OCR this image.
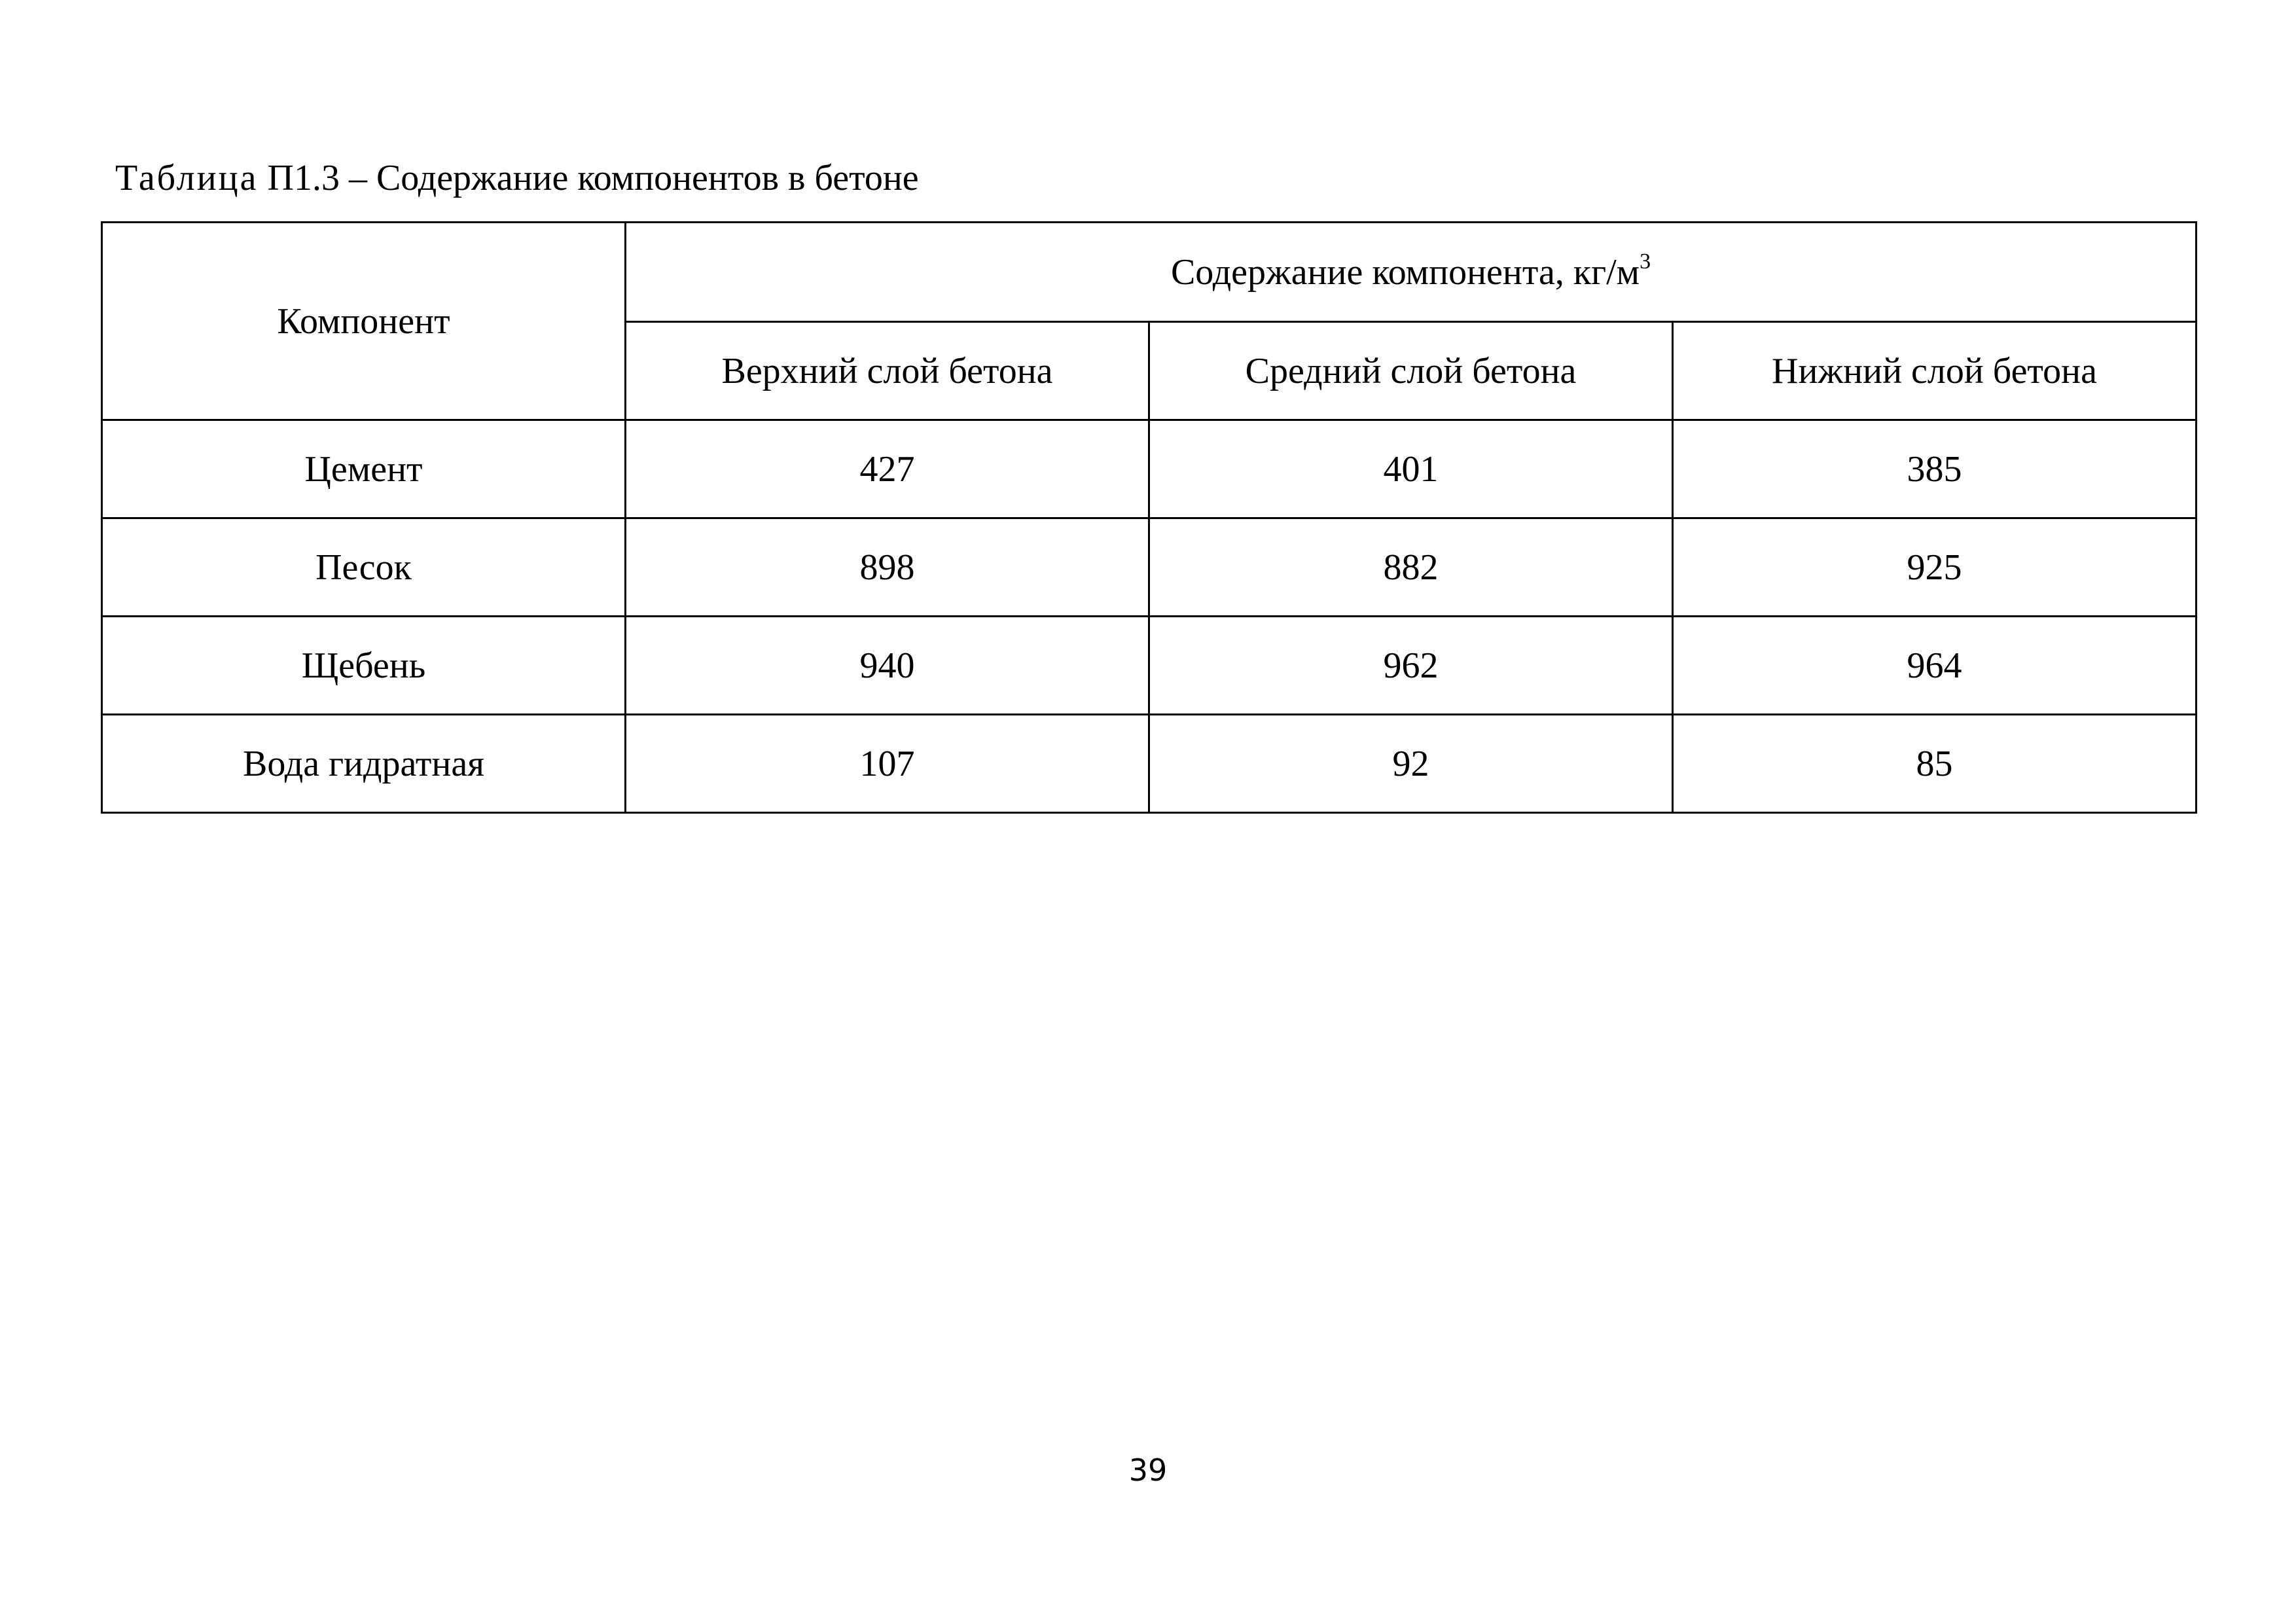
Таблица П1.3 – Содержание компонентов в бетоне
Компонент	Содержание компонента, $кг/м^3$
	Верхний слой бетона	Средний слой бетона	Нижний слой бетона
Цемент	427	401	385
Песок	898	882	925
Щебень	940	962	964
Вода гидратная	107	92	85
39
